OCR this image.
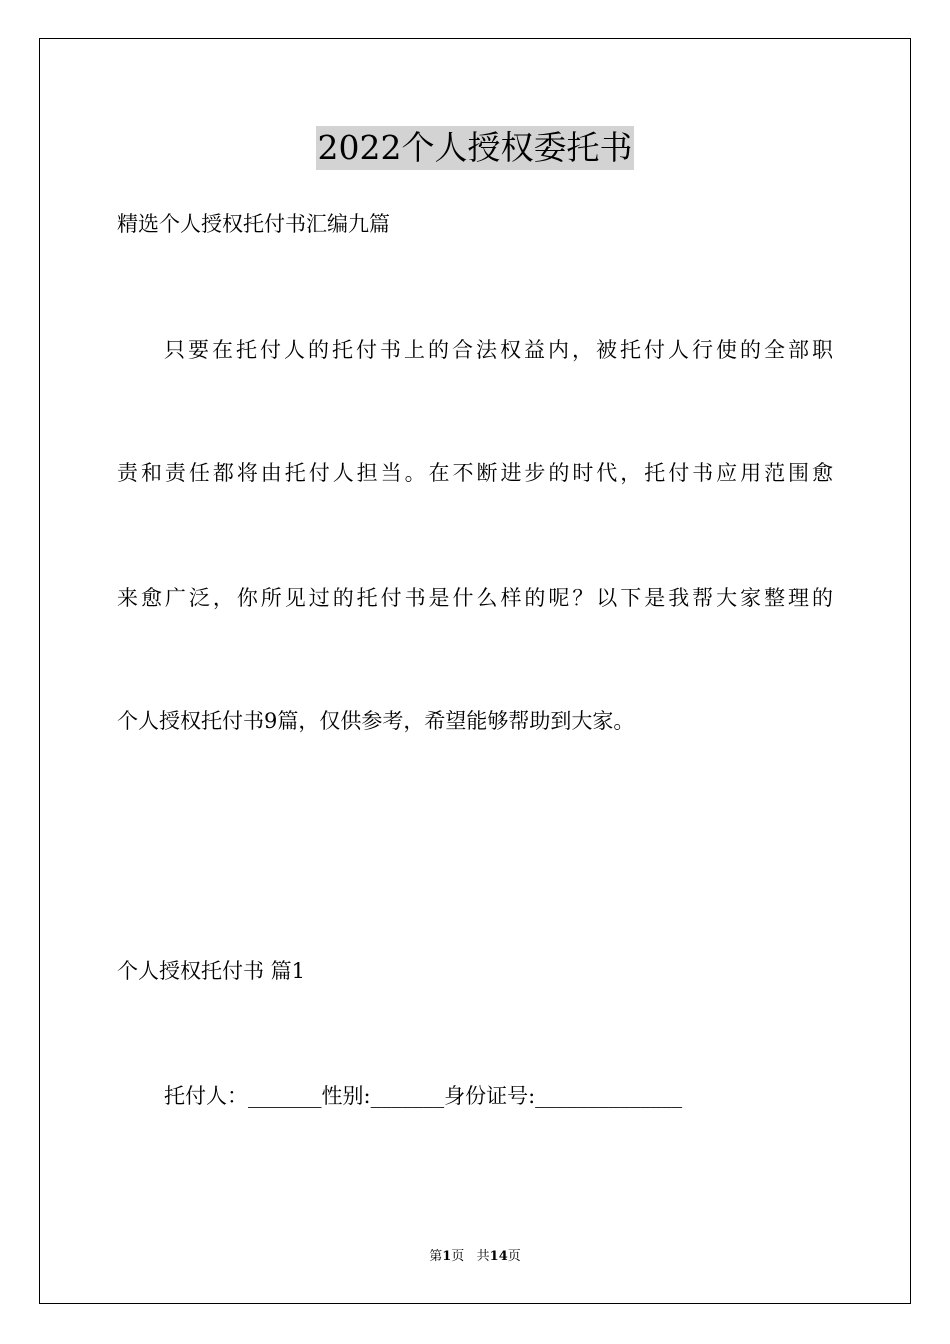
2022个人授权委托书
精选个人授权托付书汇编九篇
只要在托付人的托付书上的合法权益内，被托付人行使的全部职
责和责任都将由托付人担当。在不断进步的时代，托付书应用范围愈
来愈广泛，你所见过的托付书是什么样的呢？以下是我帮大家整理的
个人授权托付书9篇，仅供参考，希望能够帮助到大家。
个人授权托付书 篇1
托付人：_______性别:_______身份证号:______________
第1页   共14页
